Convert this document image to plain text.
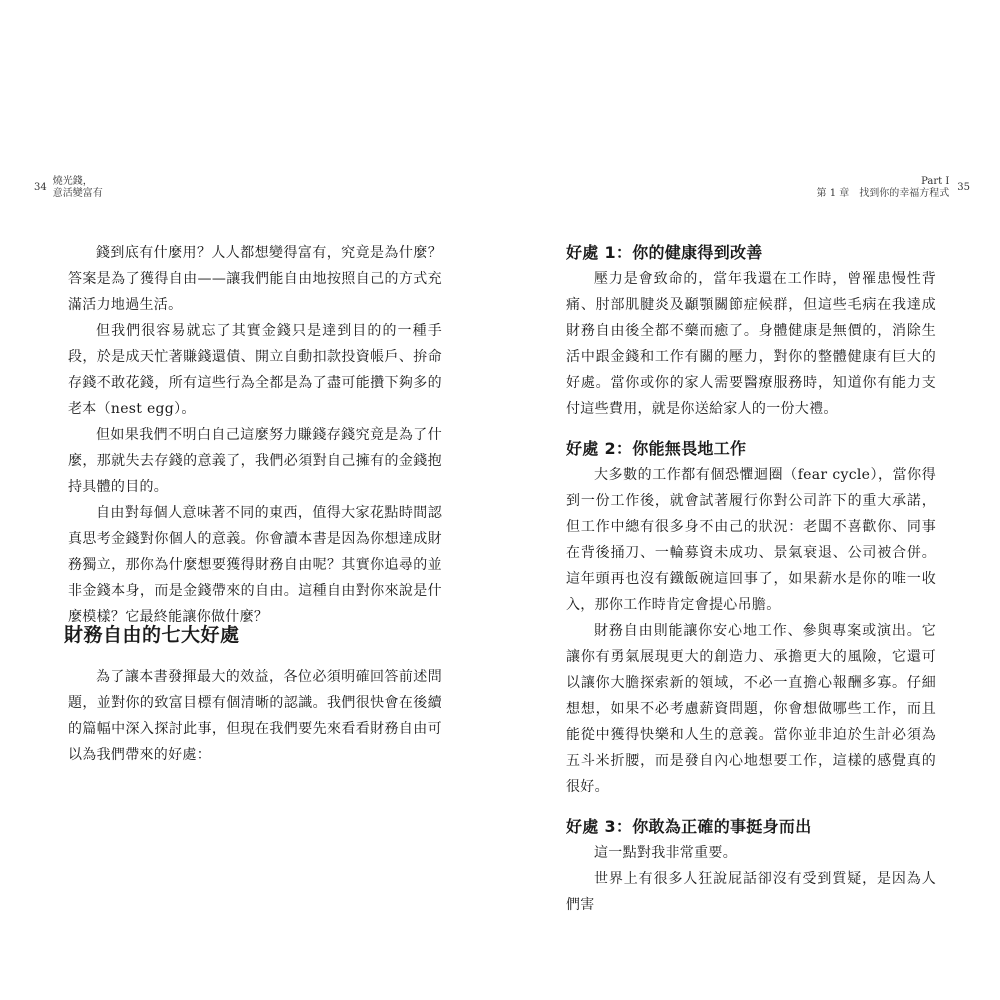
34
燒光錢，
意活變富有

錢到底有什麼用？人人都想變得富有，究竟是為什麼？答案是為了獲得自由——讓我們能自由地按照自己的方式充滿活力地過生活。

但我們很容易就忘了其實金錢只是達到目的的一種手段，於是成天忙著賺錢還債、開立自動扣款投資帳戶、拚命存錢不敢花錢，所有這些行為全都是為了盡可能攢下夠多的老本（nest egg）。

但如果我們不明白自己這麼努力賺錢存錢究竟是為了什麼，那就失去存錢的意義了，我們必須對自己擁有的金錢抱持具體的目的。

自由對每個人意味著不同的東西，值得大家花點時間認真思考金錢對你個人的意義。你會讀本書是因為你想達成財務獨立，那你為什麼想要獲得財務自由呢？其實你追尋的並非金錢本身，而是金錢帶來的自由。這種自由對你來說是什麼模樣？它最終能讓你做什麼？

財務自由的七大好處

為了讓本書發揮最大的效益，各位必須明確回答前述問題，並對你的致富目標有個清晰的認識。我們很快會在後續的篇幅中深入探討此事，但現在我們要先來看看財務自由可以為我們帶來的好處：

Part I
第 1 章　找到你的幸福方程式
35
好處 1：你的健康得到改善

壓力是會致命的，當年我還在工作時，曾罹患慢性背痛、肘部肌腱炎及顳顎關節症候群，但這些毛病在我達成財務自由後全都不藥而癒了。身體健康是無價的，消除生活中跟金錢和工作有關的壓力，對你的整體健康有巨大的好處。當你或你的家人需要醫療服務時，知道你有能力支付這些費用，就是你送給家人的一份大禮。

好處 2：你能無畏地工作

大多數的工作都有個恐懼迴圈（fear cycle），當你得到一份工作後，就會試著履行你對公司許下的重大承諾，但工作中總有很多身不由己的狀況：老闆不喜歡你、同事在背後捅刀、一輪募資未成功、景氣衰退、公司被合併。這年頭再也沒有鐵飯碗這回事了，如果薪水是你的唯一收入，那你工作時肯定會提心吊膽。

財務自由則能讓你安心地工作、參與專案或演出。它讓你有勇氣展現更大的創造力、承擔更大的風險，它還可以讓你大膽探索新的領域，不必一直擔心報酬多寡。仔細想想，如果不必考慮薪資問題，你會想做哪些工作，而且能從中獲得快樂和人生的意義。當你並非迫於生計必須為五斗米折腰，而是發自內心地想要工作，這樣的感覺真的很好。

好處 3：你敢為正確的事挺身而出

這一點對我非常重要。

世界上有很多人狂說屁話卻沒有受到質疑，是因為人們害
